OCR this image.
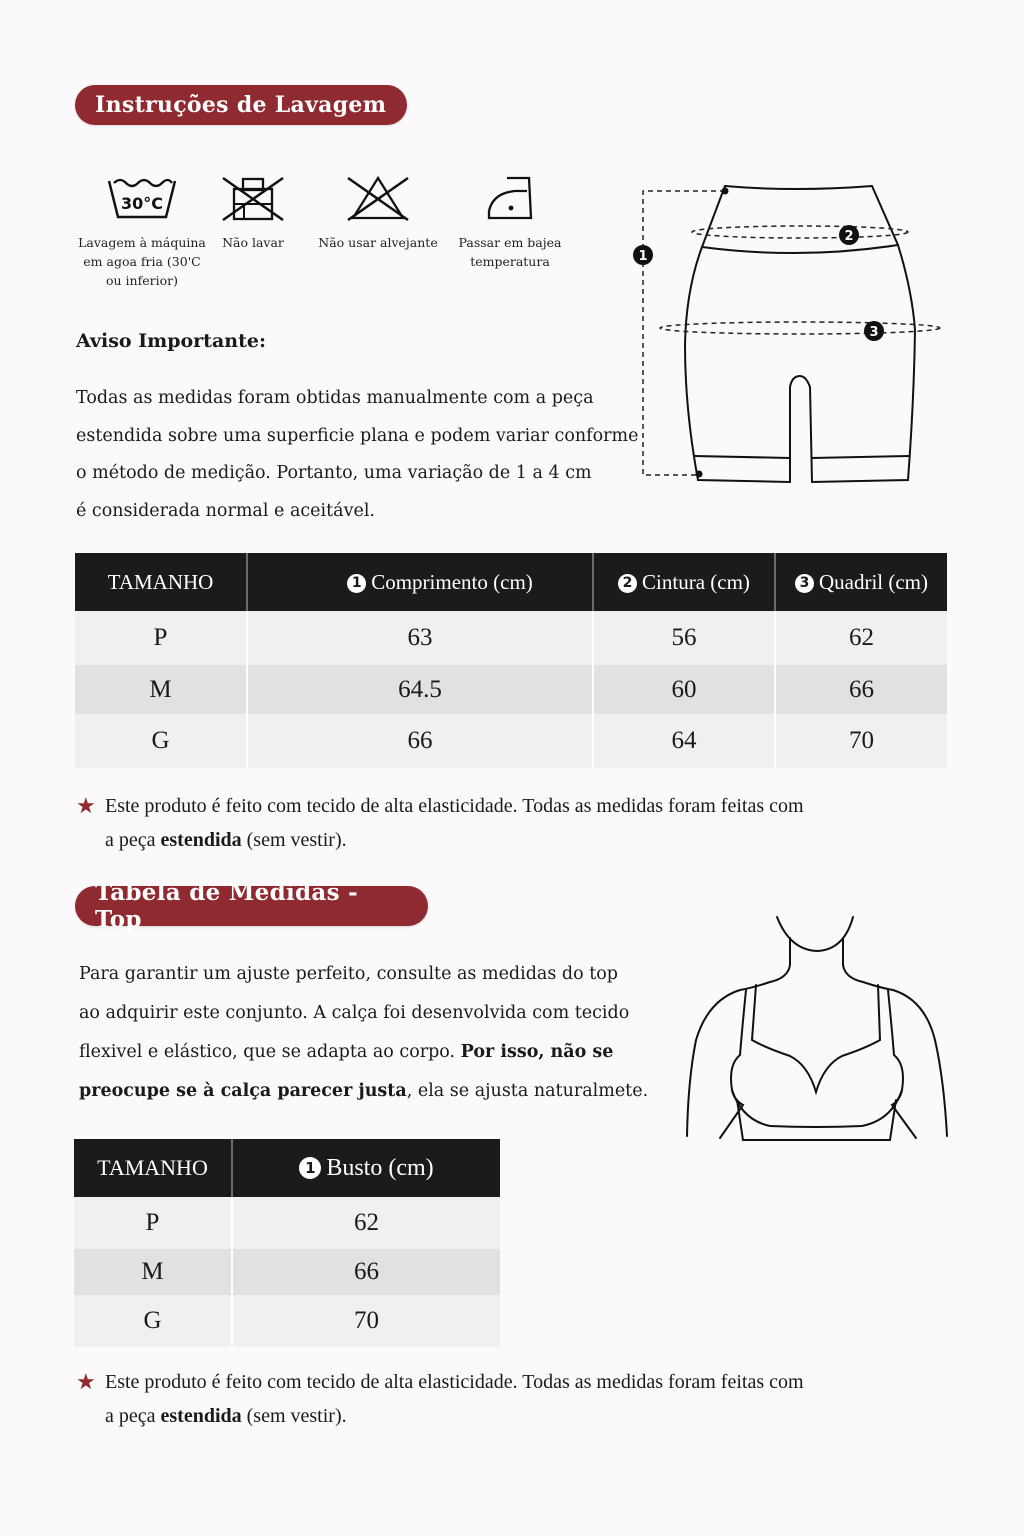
Instruções de Lavagem
30°C
Lavagem à máquina
em agoa fria (30'C
ou inferior)
Não lavar	Não usar alvejante	Passar em bajea
temperatura
Aviso Importante:
Todas as medidas foram obtidas manualmente com a peça
estendida sobre uma superficie plana e podem variar conforme
o método de medição. Portanto, uma variação de 1 a 4 cm
é considerada normal e aceitável.
1
2
3
TAMANHO	1 Comprimento (cm)	2 Cintura (cm)	3 Quadril (cm)
P	63	56	62
M	64.5	60	66
G	66	64	70
★ Este produto é feito com tecido de alta elasticidade. Todas as medidas foram feitas com
a peça estendida (sem vestir).
Tabela de Medidas - Top
Para garantir um ajuste perfeito, consulte as medidas do top
ao adquirir este conjunto. A calça foi desenvolvida com tecido
flexivel e elástico, que se adapta ao corpo. Por isso, não se
preocupe se à calça parecer justa, ela se ajusta naturalmete.
TAMANHO	1 Busto (cm)
P	62
M	66
G	70
★ Este produto é feito com tecido de alta elasticidade. Todas as medidas foram feitas com
a peça estendida (sem vestir).
